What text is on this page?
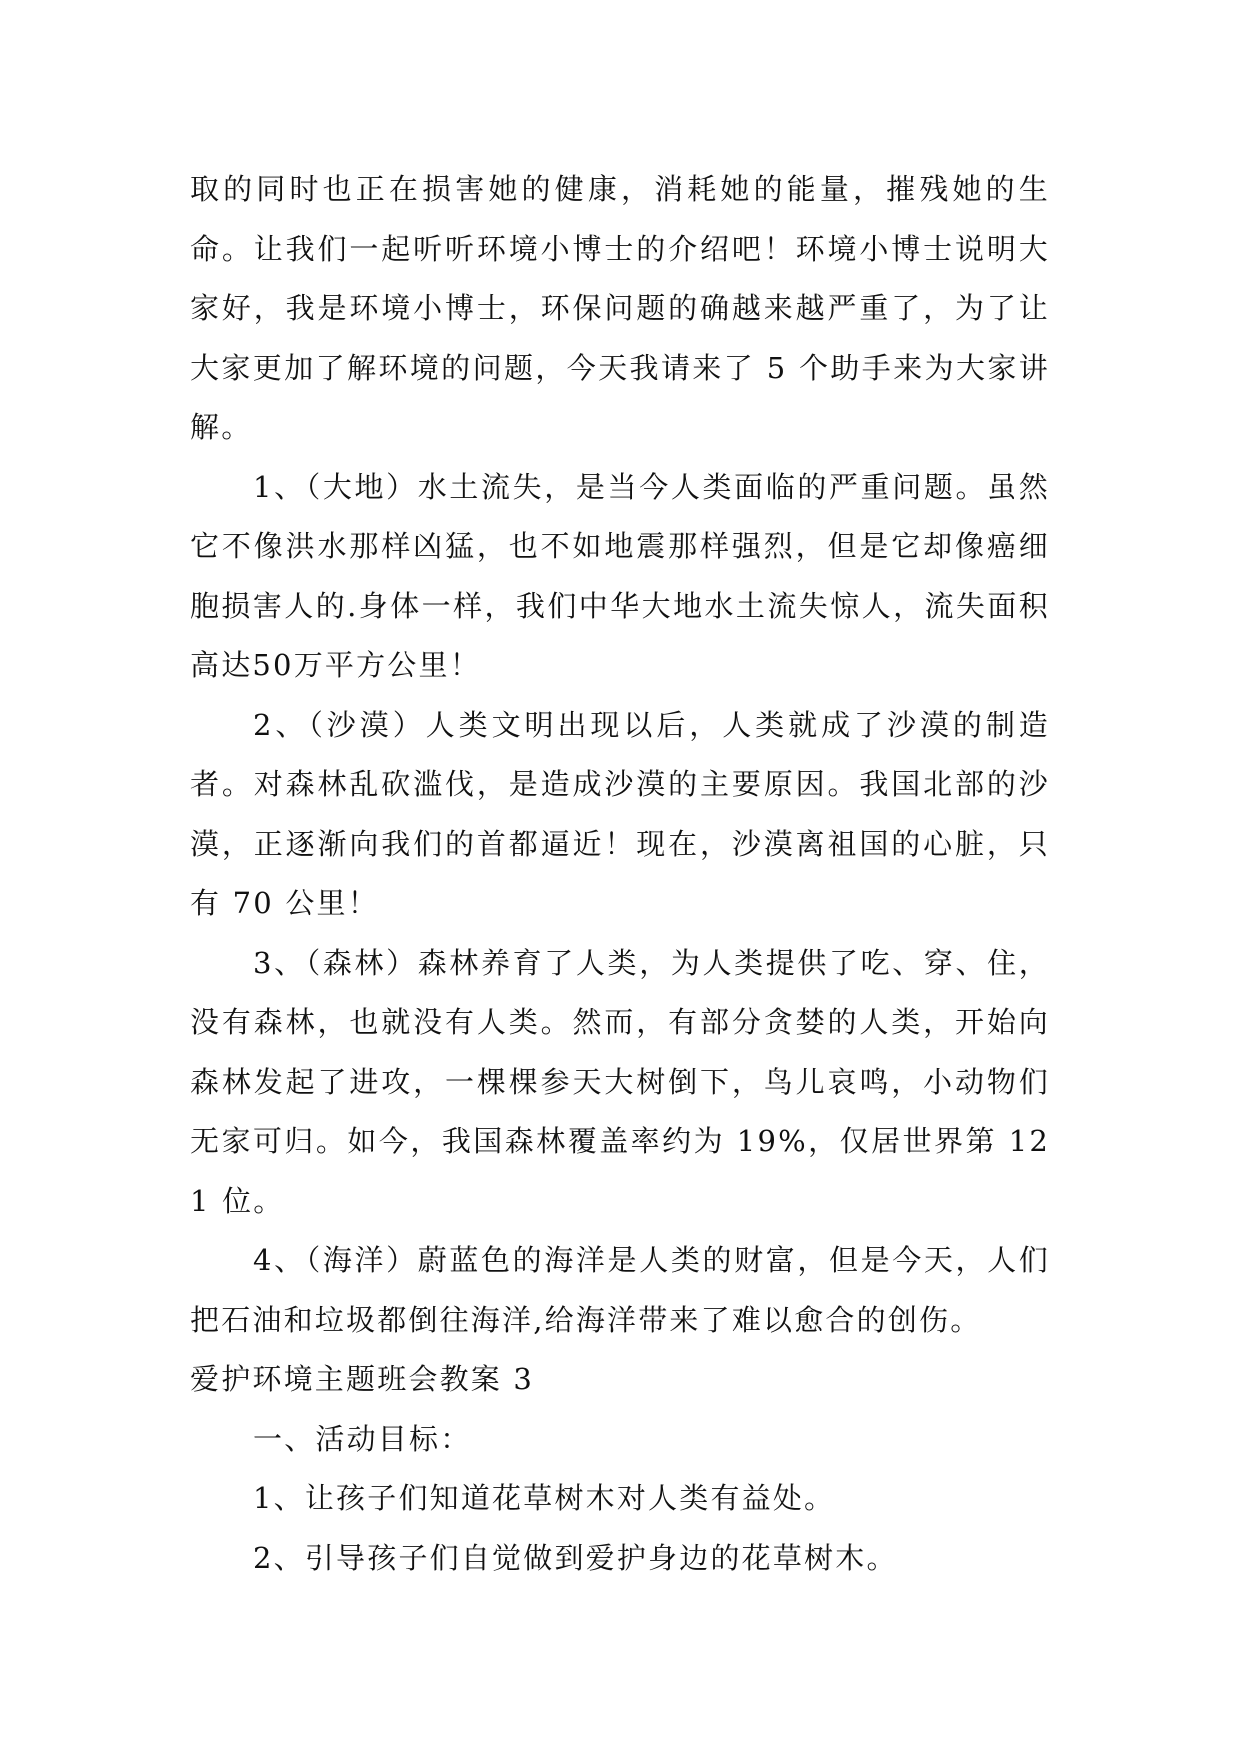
取的同时也正在损害她的健康，消耗她的能量，摧残她的生命。让我们一起听听环境小博士的介绍吧！环境小博士说明大家好，我是环境小博士，环保问题的确越来越严重了，为了让大家更加了解环境的问题，今天我请来了 5 个助手来为大家讲解。

1、（大地）水土流失，是当今人类面临的严重问题。虽然它不像洪水那样凶猛，也不如地震那样强烈，但是它却像癌细胞损害人的.身体一样，我们中华大地水土流失惊人，流失面积高达50万平方公里！

2、（沙漠）人类文明出现以后，人类就成了沙漠的制造者。对森林乱砍滥伐，是造成沙漠的主要原因。我国北部的沙漠，正逐渐向我们的首都逼近！现在，沙漠离祖国的心脏，只有 70 公里！

3、（森林）森林养育了人类，为人类提供了吃、穿、住，没有森林，也就没有人类。然而，有部分贪婪的人类，开始向森林发起了进攻，一棵棵参天大树倒下，鸟儿哀鸣，小动物们无家可归。如今，我国森林覆盖率约为 19%，仅居世界第 121 位。

4、（海洋）蔚蓝色的海洋是人类的财富，但是今天，人们把石油和垃圾都倒往海洋,给海洋带来了难以愈合的创伤。

爱护环境主题班会教案 3

一、活动目标：

1、让孩子们知道花草树木对人类有益处。

2、引导孩子们自觉做到爱护身边的花草树木。
